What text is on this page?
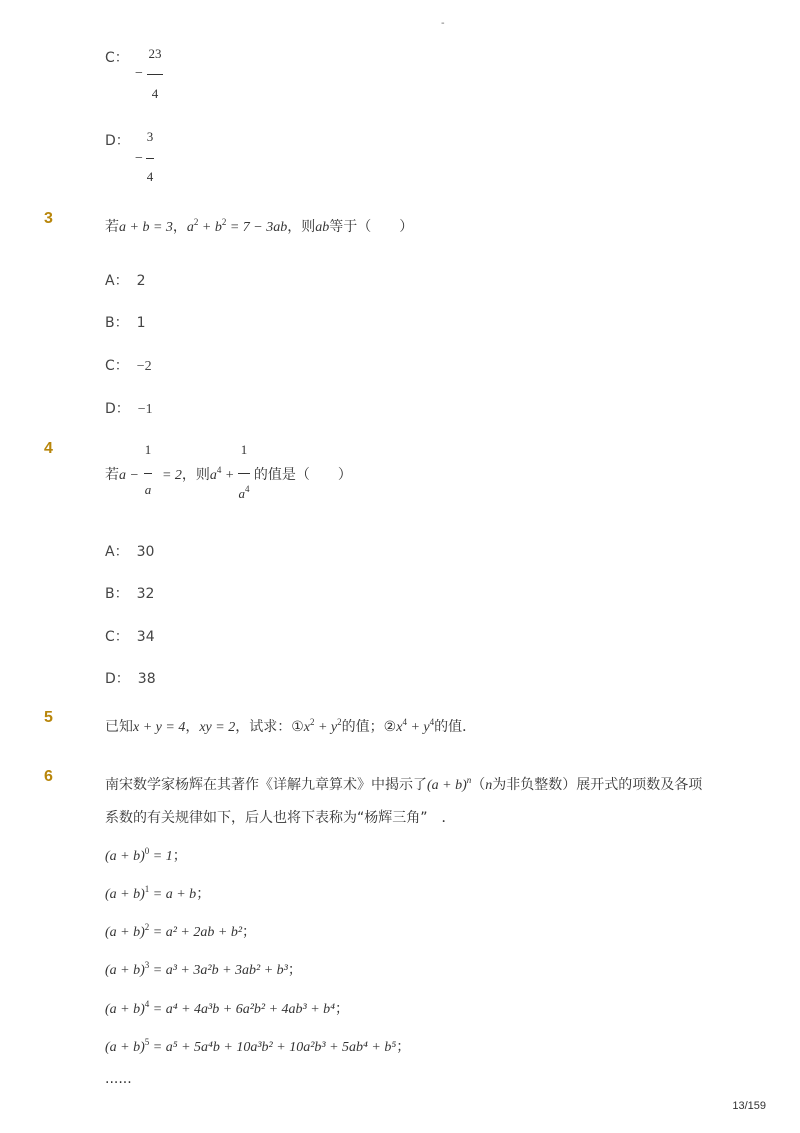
-
C：
−
23
4
D：
−
3
4
3	若a + b = 3，$a^2 + b^2 = 7 - 3ab$，则ab等于（　　）
A： 2
B： 1
C： −2
D： −1
4
若a −  = 2，则$a^4$ + 的值是（　　）
1
a
1
$a^4$
A： 30
B： 32
C： 34
D： 38
5
已知x + y = 4，xy = 2，试求：$①x^2 + y^2$的值；$②x^4 + y^4$的值．
6	南宋数学家杨辉在其著作《详解九章算术》中揭示了$(a + b)^n(n$为非负整数）展开式的项数及各项
系数的有关规律如下，后人也将下表称为“杨辉三角”　．
$(a + b)^0 = 1$；
$(a + b)^1 = a + b$；
$(a + b)^2 = a^2 + 2ab + b^2$；
$(a + b)^3 = a^3 + 3a^2b + 3ab^2 + b^3$；
$(a + b)^4 = a^4 + 4a^3b + 6a^2b^2 + 4ab^3 + b^4$；
$(a + b)^5 = a^5 + 5a^4b + 10a^3b^2 + 10a^2b^3 + 5ab^4 + b^5$；
......
13/159
